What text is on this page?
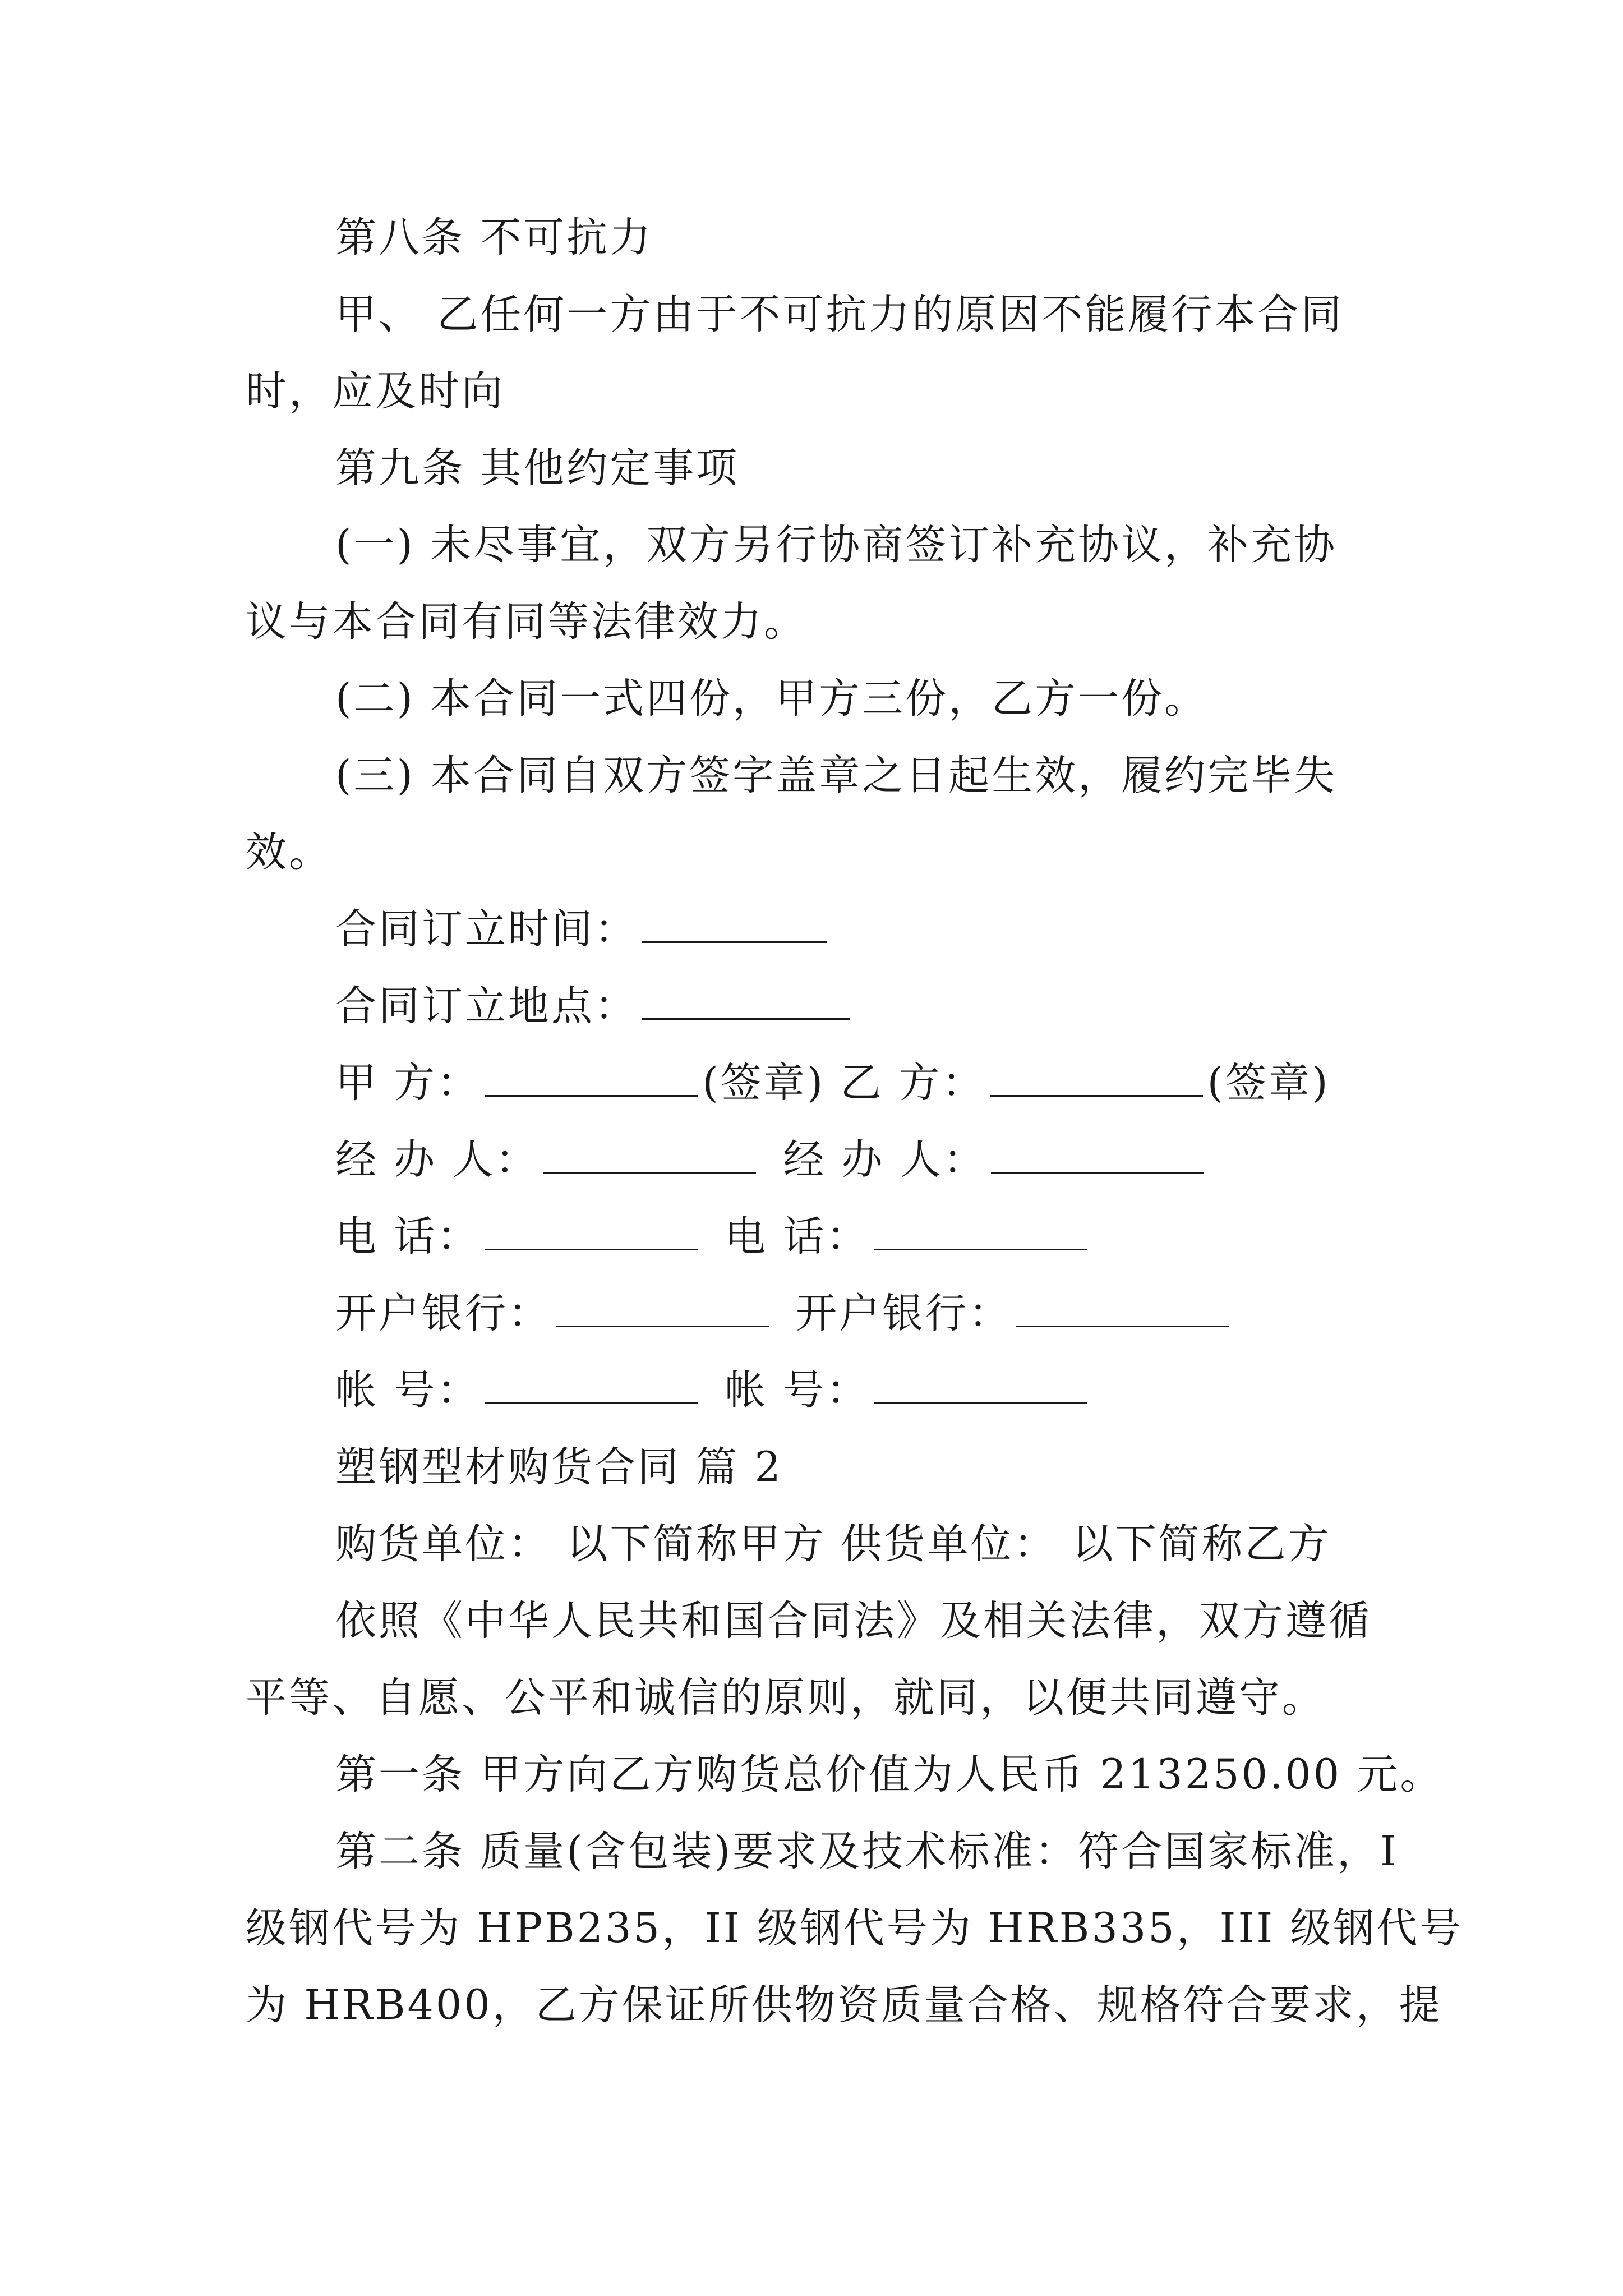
第八条 不可抗力
甲、 乙任何一方由于不可抗力的原因不能履行本合同
时，应及时向
第九条 其他约定事项
(一) 未尽事宜，双方另行协商签订补充协议，补充协
议与本合同有同等法律效力。
(二) 本合同一式四份，甲方三份，乙方一份。
(三) 本合同自双方签字盖章之日起生效，履约完毕失
效。
合同订立时间：
合同订立地点：
甲 方：	(签章) 乙 方：	(签章)
经 办 人：	经 办 人：
电 话：	电 话：
开户银行：	开户银行：
帐 号：	帐 号：
塑钢型材购货合同 篇 2
购货单位： 以下简称甲方 供货单位： 以下简称乙方
依照《中华人民共和国合同法》及相关法律，双方遵循
平等、自愿、公平和诚信的原则，就同，以便共同遵守。
第一条 甲方向乙方购货总价值为人民币 213250.00 元。
第二条 质量(含包装)要求及技术标准：符合国家标准，I
级钢代号为 HPB235，II 级钢代号为 HRB335，III 级钢代号
为 HRB400，乙方保证所供物资质量合格、规格符合要求，提
